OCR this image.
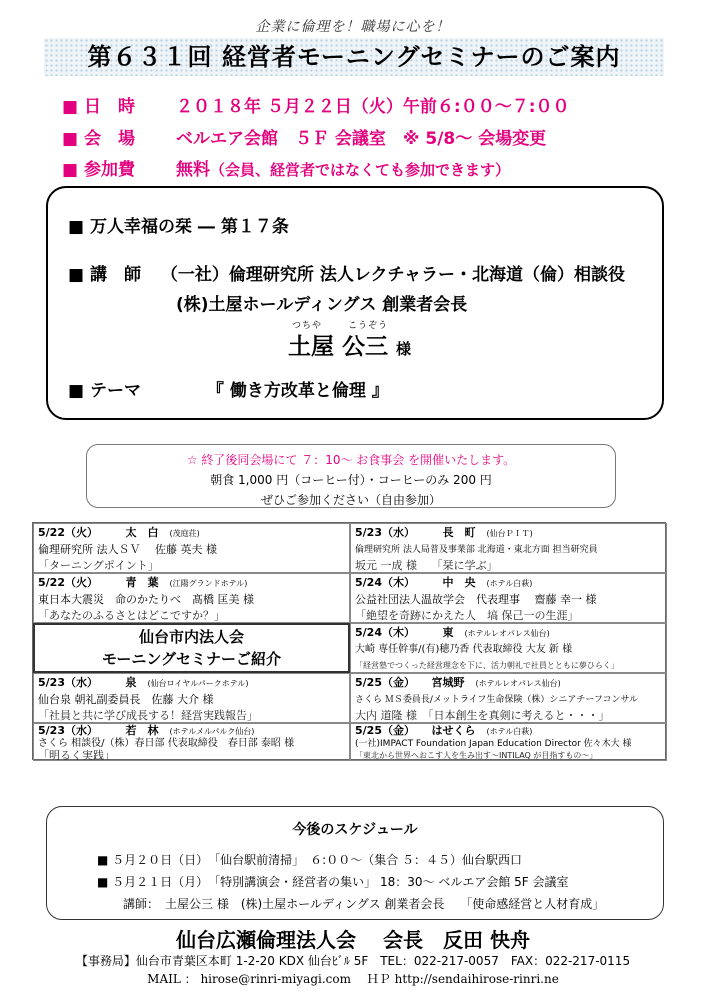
企業に倫理を！職場に心を！
第６３１回 経営者モーニングセミナーのご案内
■ 日　時 ２０１８年 ５月２２日（火）午前６:００～７:００
■ 会　場 ベルエア会館　５Ｆ 会議室　※ 5/8～ 会場変更
■ 参加費 無料（会員、経営者ではなくても参加できます）
■ 万人幸福の栞 ― 第１７条
■ 講　師 （一社）倫理研究所 法人レクチャラー・北海道（倫）相談役
(株)土屋ホールディングス 創業者会長
つちや	こうぞう
土屋 公三 様
■ テーマ	『 働き方改革と倫理 』
☆ 終了後同会場にて ７：10～ お食事会 を開催いたします。
朝食 1,000 円（コーヒー付）・コーヒーのみ 200 円
ぜひご参加ください（自由参加）
5/22（火）　　　	太　白　 (茂庭荘)
倫理研究所 法人ＳＶ　 佐藤 英夫 様
「ターニングポイント」
5/23（水）　　　	長　町　 (仙台ＰＩＴ)
倫理研究所 法人局普及事業部 北海道・東北方面 担当研究員
坂元 一成 様　 「栞に学ぶ」
5/22（火）　　　	青　葉　 (江陽グランドホテル)
東日本大震災　命のかたりべ　髙橋 匡美 様
「あなたのふるさとはどこですか？」
5/24（木）　　　	中　央　 (ホテル白萩)
公益社団法人温故学会　代表理事　 齋藤 幸一 様
「絶望を奇跡にかえた人　塙 保己一の生涯」
仙台市内法人会
モーニングセミナーご紹介
5/24（木）　　　	東　 (ホテルレオパレス仙台)
大崎 専任幹事/(有)穂乃香 代表取締役 大友 新 様
「経営塾でつくった経営理念を下に、活力朝礼で社員とともに夢ひらく」
5/23（水）　　　	泉　 (仙台ロイヤルパークホテル)
仙台泉 朝礼副委員長　佐藤 大介 様
「社員と共に学び成長する！経営実践報告」
5/25（金）　　 宮城野　 (ホテルレオパレス仙台)
さくら ＭＳ委員長/メットライフ生命保険（株）シニアチーフコンサル
大内 道隆 様　「日本創生を真剣に考えると・・・」
5/23（水）　　　	若　林　 (ホテルメルパルク仙台)
さくら 相談役/（株）春日部 代表取締役　春日部 泰昭 様
「明るく実践」
5/25（金）　　 はせくら　 (ホテル白萩)
(一社)IMPACT Foundation Japan Education Director 佐々木大 様
「東北から世界へおこす人を生み出す～INTILAQ が目指すもの～」
今後のスケジュール
■ ５月２０日（日）　「仙台駅前清掃」　６:００～（集合 ５：４５）仙台駅西口
■ ５月２１日（月）　「特別講演会・経営者の集い」 18：30～ ベルエア会館 5F 会議室
講師：　土屋公三 様　(株)土屋ホールディングス 創業者会長　 「使命感経営と人材育成」
仙台広瀬倫理法人会　 会長　反田 快舟
【事務局】仙台市青葉区本町 1-2-20 KDX 仙台ﾋﾞﾙ 5F　TEL：022-217-0057　FAX：022-217-0115
MAIL ： hirose@rinri-miyagi.com　 ＨＰ http://sendaihirose-rinri.ne
